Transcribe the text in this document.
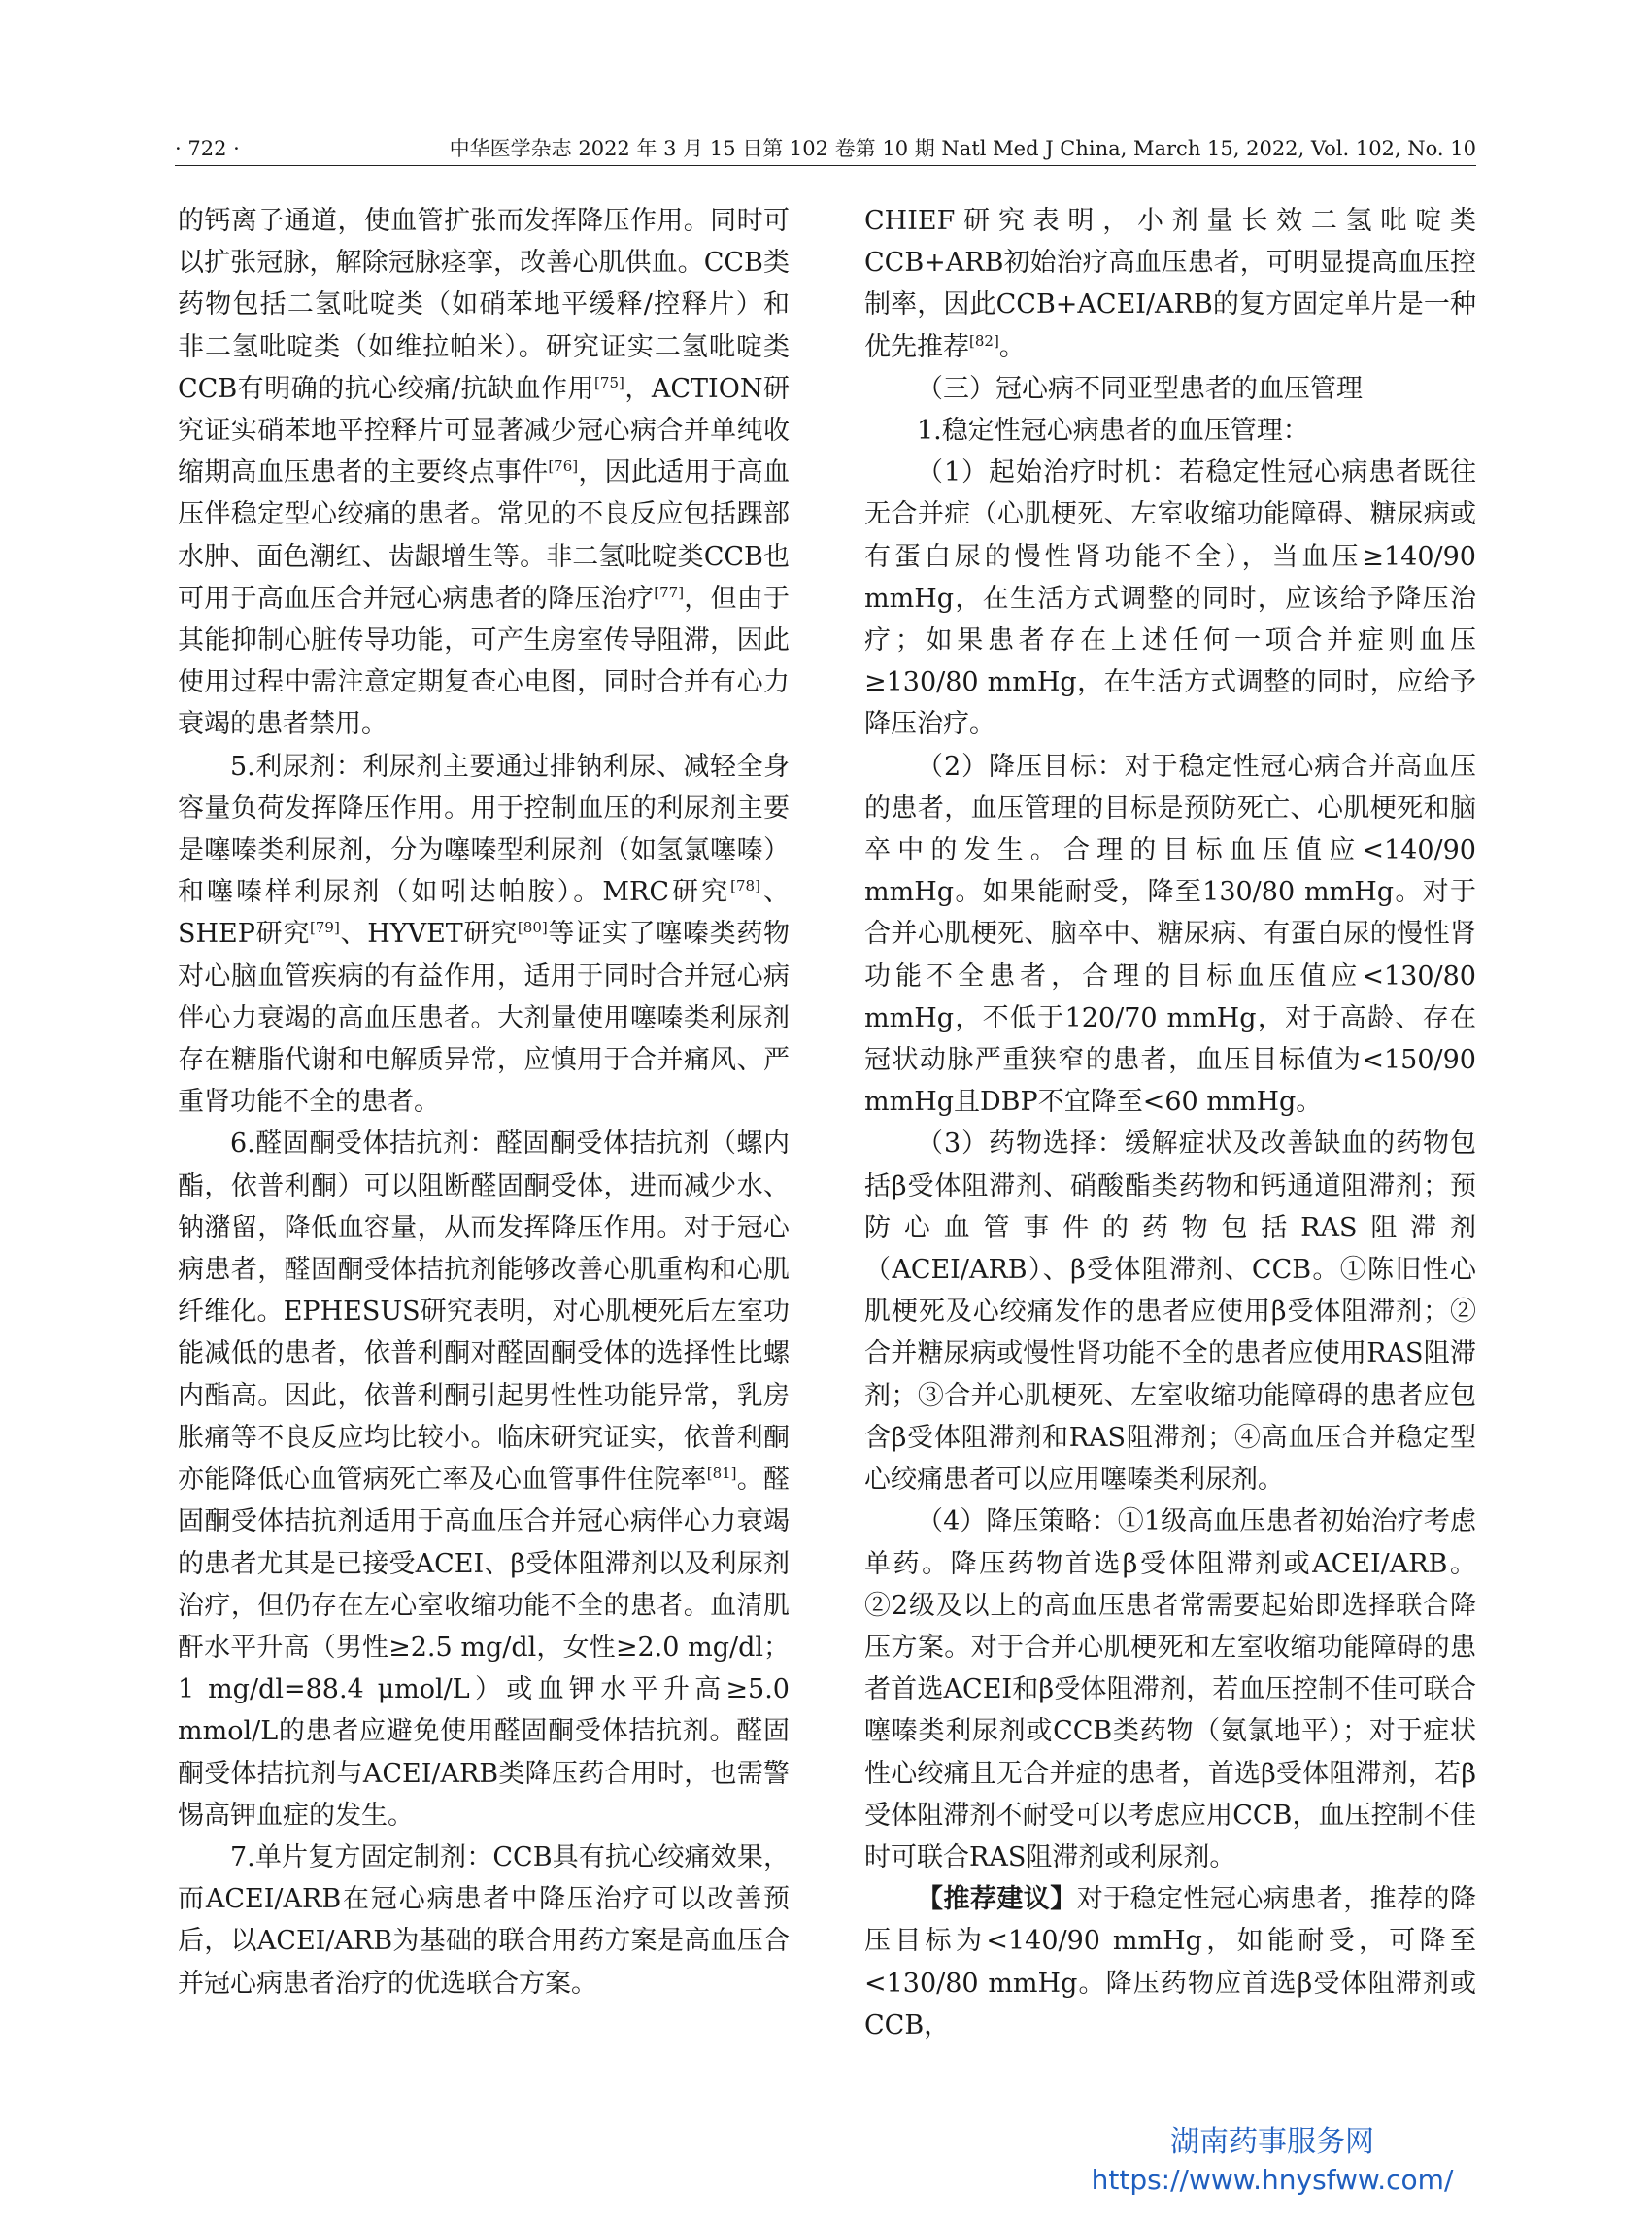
· 722 ·	中华医学杂志 2022 年 3 月 15 日第 102 卷第 10 期 Natl Med J China, March 15, 2022, Vol. 102, No. 10

的钙离子通道，使血管扩张而发挥降压作用。同时可以扩张冠脉，解除冠脉痉挛，改善心肌供血。CCB类药物包括二氢吡啶类（如硝苯地平缓释/控释片）和非二氢吡啶类（如维拉帕米）。研究证实二氢吡啶类CCB有明确的抗心绞痛/抗缺血作用[75]，ACTION研究证实硝苯地平控释片可显著减少冠心病合并单纯收缩期高血压患者的主要终点事件[76]，因此适用于高血压伴稳定型心绞痛的患者。常见的不良反应包括踝部水肿、面色潮红、齿龈增生等。非二氢吡啶类CCB也可用于高血压合并冠心病患者的降压治疗[77]，但由于其能抑制心脏传导功能，可产生房室传导阻滞，因此使用过程中需注意定期复查心电图，同时合并有心力衰竭的患者禁用。

5.利尿剂：利尿剂主要通过排钠利尿、减轻全身容量负荷发挥降压作用。用于控制血压的利尿剂主要是噻嗪类利尿剂，分为噻嗪型利尿剂（如氢氯噻嗪）和噻嗪样利尿剂（如吲达帕胺）。MRC研究[78]、SHEP研究[79]、HYVET研究[80]等证实了噻嗪类药物对心脑血管疾病的有益作用，适用于同时合并冠心病伴心力衰竭的高血压患者。大剂量使用噻嗪类利尿剂存在糖脂代谢和电解质异常，应慎用于合并痛风、严重肾功能不全的患者。

6.醛固酮受体拮抗剂：醛固酮受体拮抗剂（螺内酯，依普利酮）可以阻断醛固酮受体，进而减少水、钠潴留，降低血容量，从而发挥降压作用。对于冠心病患者，醛固酮受体拮抗剂能够改善心肌重构和心肌纤维化。EPHESUS研究表明，对心肌梗死后左室功能减低的患者，依普利酮对醛固酮受体的选择性比螺内酯高。因此，依普利酮引起男性性功能异常，乳房胀痛等不良反应均比较小。临床研究证实，依普利酮亦能降低心血管病死亡率及心血管事件住院率[81]。醛固酮受体拮抗剂适用于高血压合并冠心病伴心力衰竭的患者尤其是已接受ACEI、β受体阻滞剂以及利尿剂治疗，但仍存在左心室收缩功能不全的患者。血清肌酐水平升高（男性≥2.5 mg/dl，女性≥2.0 mg/dl；1 mg/dl=88.4 μmol/L）或血钾水平升高≥5.0 mmol/L的患者应避免使用醛固酮受体拮抗剂。醛固酮受体拮抗剂与ACEI/ARB类降压药合用时，也需警惕高钾血症的发生。

7.单片复方固定制剂：CCB具有抗心绞痛效果，而ACEI/ARB在冠心病患者中降压治疗可以改善预后，以ACEI/ARB为基础的联合用药方案是高血压合并冠心病患者治疗的优选联合方案。

CHIEF研究表明，小剂量长效二氢吡啶类CCB+ARB初始治疗高血压患者，可明显提高血压控制率，因此CCB+ACEI/ARB的复方固定单片是一种优先推荐[82]。

（三）冠心病不同亚型患者的血压管理

1.稳定性冠心病患者的血压管理：

（1）起始治疗时机：若稳定性冠心病患者既往无合并症（心肌梗死、左室收缩功能障碍、糖尿病或有蛋白尿的慢性肾功能不全），当血压≥140/90 mmHg，在生活方式调整的同时，应该给予降压治疗；如果患者存在上述任何一项合并症则血压≥130/80 mmHg，在生活方式调整的同时，应给予降压治疗。

（2）降压目标：对于稳定性冠心病合并高血压的患者，血压管理的目标是预防死亡、心肌梗死和脑卒中的发生。合理的目标血压值应<140/90 mmHg。如果能耐受，降至130/80 mmHg。对于合并心肌梗死、脑卒中、糖尿病、有蛋白尿的慢性肾功能不全患者，合理的目标血压值应<130/80 mmHg，不低于120/70 mmHg，对于高龄、存在冠状动脉严重狭窄的患者，血压目标值为<150/90 mmHg且DBP不宜降至<60 mmHg。

（3）药物选择：缓解症状及改善缺血的药物包括β受体阻滞剂、硝酸酯类药物和钙通道阻滞剂；预防心血管事件的药物包括RAS阻滞剂（ACEI/ARB）、β受体阻滞剂、CCB。①陈旧性心肌梗死及心绞痛发作的患者应使用β受体阻滞剂；②合并糖尿病或慢性肾功能不全的患者应使用RAS阻滞剂；③合并心肌梗死、左室收缩功能障碍的患者应包含β受体阻滞剂和RAS阻滞剂；④高血压合并稳定型心绞痛患者可以应用噻嗪类利尿剂。

（4）降压策略：①1级高血压患者初始治疗考虑单药。降压药物首选β受体阻滞剂或ACEI/ARB。②2级及以上的高血压患者常需要起始即选择联合降压方案。对于合并心肌梗死和左室收缩功能障碍的患者首选ACEI和β受体阻滞剂，若血压控制不佳可联合噻嗪类利尿剂或CCB类药物（氨氯地平）；对于症状性心绞痛且无合并症的患者，首选β受体阻滞剂，若β受体阻滞剂不耐受可以考虑应用CCB，血压控制不佳时可联合RAS阻滞剂或利尿剂。

【推荐建议】对于稳定性冠心病患者，推荐的降压目标为<140/90 mmHg，如能耐受，可降至<130/80 mmHg。降压药物应首选β受体阻滞剂或CCB，

湖南药事服务网
https://www.hnysfww.com/
